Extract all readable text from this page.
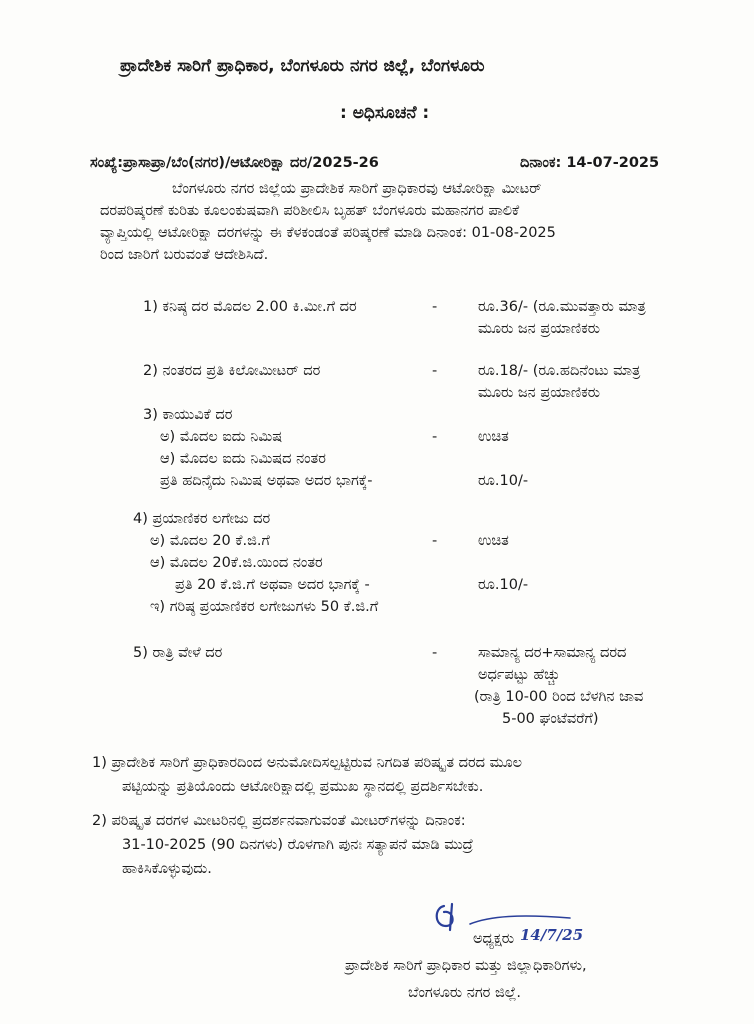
ಪ್ರಾದೇಶಿಕ ಸಾರಿಗೆ ಪ್ರಾಧಿಕಾರ, ಬೆಂಗಳೂರು ನಗರ ಜಿಲ್ಲೆ, ಬೆಂಗಳೂರು
: ಅಧಿಸೂಚನೆ :
ಸಂಖ್ಯೆ:ಪ್ರಾಸಾಪ್ರಾ/ಬೆಂ(ನಗರ)/ಆಟೋರಿಕ್ಷಾ ದರ/2025-26	ದಿನಾಂಕ: 14-07-2025
ಬೆಂಗಳೂರು ನಗರ ಜಿಲ್ಲೆಯ ಪ್ರಾದೇಶಿಕ ಸಾರಿಗೆ ಪ್ರಾಧಿಕಾರವು ಆಟೋರಿಕ್ಷಾ ಮೀಟರ್
ದರಪರಿಷ್ಕರಣೆ ಕುರಿತು ಕೂಲಂಕುಷವಾಗಿ ಪರಿಶೀಲಿಸಿ ಬೃಹತ್ ಬೆಂಗಳೂರು ಮಹಾನಗರ ಪಾಲಿಕೆ
ವ್ಯಾಪ್ತಿಯಲ್ಲಿ ಆಟೋರಿಕ್ಷಾ ದರಗಳನ್ನು ಈ ಕೆಳಕಂಡಂತೆ ಪರಿಷ್ಕರಣೆ ಮಾಡಿ ದಿನಾಂಕ: 01-08-2025
ರಿಂದ ಜಾರಿಗೆ ಬರುವಂತೆ ಆದೇಶಿಸಿದೆ.
1) ಕನಿಷ್ಠ ದರ ಮೊದಲ 2.00 ಕಿ.ಮೀ.ಗೆ ದರ	-	ರೂ.36/- (ರೂ.ಮುವತ್ತಾರು ಮಾತ್ರ
ಮೂರು ಜನ ಪ್ರಯಾಣಿಕರು
2) ನಂತರದ ಪ್ರತಿ ಕಿಲೋಮೀಟರ್ ದರ	-	ರೂ.18/- (ರೂ.ಹದಿನೆಂಟು ಮಾತ್ರ
ಮೂರು ಜನ ಪ್ರಯಾಣಿಕರು
3) ಕಾಯುವಿಕೆ ದರ
ಅ) ಮೊದಲ ಐದು ನಿಮಿಷ	-	ಉಚಿತ
ಆ) ಮೊದಲ ಐದು ನಿಮಿಷದ ನಂತರ
ಪ್ರತಿ ಹದಿನೈದು ನಿಮಿಷ ಅಥವಾ ಅದರ ಭಾಗಕ್ಕೆ-	ರೂ.10/-
4) ಪ್ರಯಾಣಿಕರ ಲಗೇಜು ದರ
ಅ) ಮೊದಲ 20 ಕೆ.ಜಿ.ಗೆ	-	ಉಚಿತ
ಆ) ಮೊದಲ 20ಕೆ.ಜಿ.ಯಿಂದ ನಂತರ
ಪ್ರತಿ 20 ಕೆ.ಜಿ.ಗೆ ಅಥವಾ ಅದರ ಭಾಗಕ್ಕೆ -	ರೂ.10/-
ಇ) ಗರಿಷ್ಠ ಪ್ರಯಾಣಿಕರ ಲಗೇಜುಗಳು 50 ಕೆ.ಜಿ.ಗೆ
5) ರಾತ್ರಿ ವೇಳೆ ದರ	-	ಸಾಮಾನ್ಯ ದರ+ಸಾಮಾನ್ಯ ದರದ
ಅರ್ಧಪಟ್ಟು ಹೆಚ್ಚು
(ರಾತ್ರಿ 10-00 ರಿಂದ ಬೆಳಗಿನ ಜಾವ
5-00 ಘಂಟೆವರೆಗೆ)
1) ಪ್ರಾದೇಶಿಕ ಸಾರಿಗೆ ಪ್ರಾಧಿಕಾರದಿಂದ ಅನುಮೋದಿಸಲ್ಪಟ್ಟಿರುವ ನಿಗದಿತ ಪರಿಷ್ಕೃತ ದರದ ಮೂಲ
ಪಟ್ಟಿಯನ್ನು ಪ್ರತಿಯೊಂದು ಆಟೋರಿಕ್ಷಾದಲ್ಲಿ ಪ್ರಮುಖ ಸ್ಥಾನದಲ್ಲಿ ಪ್ರದರ್ಶಿಸಬೇಕು.
2) ಪರಿಷ್ಕೃತ ದರಗಳ ಮೀಟರಿನಲ್ಲಿ ಪ್ರದರ್ಶನವಾಗುವಂತೆ ಮೀಟರ್‌ಗಳನ್ನು ದಿನಾಂಕ:
31-10-2025 (90 ದಿನಗಳು) ರೊಳಗಾಗಿ ಪುನಃ ಸತ್ಯಾಪನೆ ಮಾಡಿ ಮುದ್ರೆ
ಹಾಕಿಸಿಕೊಳ್ಳುವುದು.
14/7/25
ಅಧ್ಯಕ್ಷರು
ಪ್ರಾದೇಶಿಕ ಸಾರಿಗೆ ಪ್ರಾಧಿಕಾರ ಮತ್ತು ಜಿಲ್ಲಾಧಿಕಾರಿಗಳು,
ಬೆಂಗಳೂರು ನಗರ ಜಿಲ್ಲೆ.
